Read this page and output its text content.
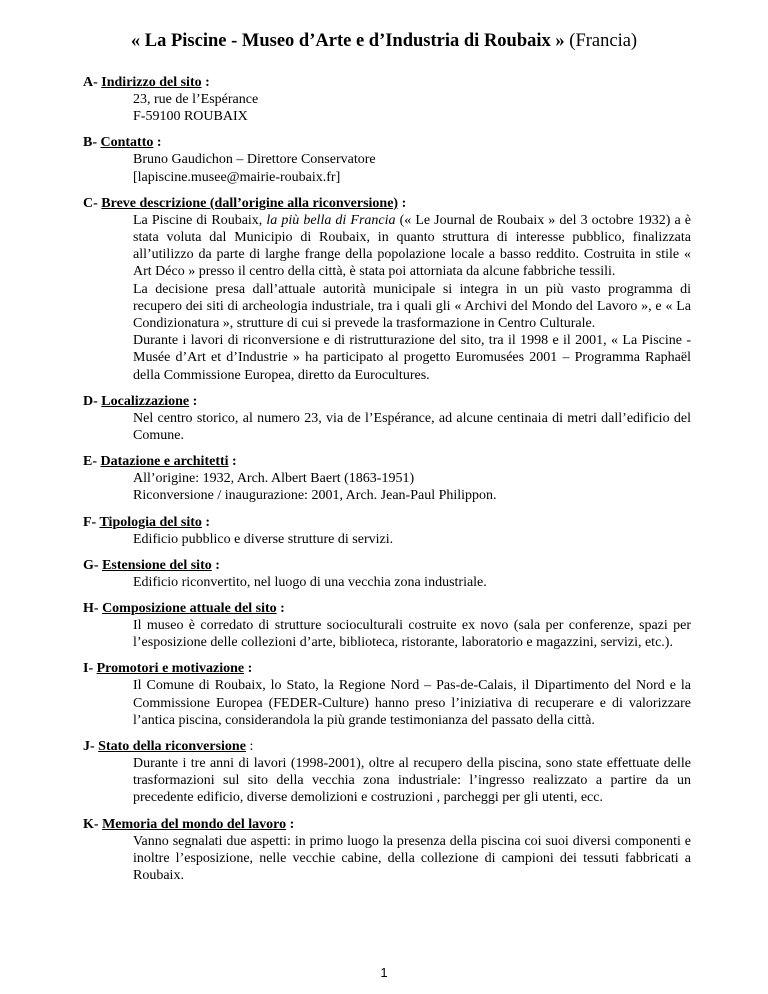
« La Piscine - Museo d’Arte e d’Industria di Roubaix » (Francia)
A- Indirizzo del sito :

23, rue de l’Espérance

F-59100 ROUBAIX

B- Contatto :

Bruno Gaudichon – Direttore Conservatore

[lapiscine.musee@mairie-roubaix.fr]

C- Breve descrizione (dall’origine alla riconversione) :

La Piscine di Roubaix, la più bella di Francia (« Le Journal de Roubaix » del 3 octobre 1932) a è stata voluta dal Municipio di Roubaix, in quanto struttura di interesse pubblico, finalizzata all’utilizzo da parte di larghe frange della popolazione locale a basso reddito. Costruita in stile « Art Déco » presso il centro della città, è stata poi attorniata da alcune fabbriche tessili.

La decisione presa dall’attuale autorità municipale si integra in un più vasto programma di recupero dei siti di archeologia industriale, tra i quali gli « Archivi del Mondo del Lavoro », e « La Condizionatura », strutture di cui si prevede la trasformazione in Centro Culturale.

Durante i lavori di riconversione e di ristrutturazione del sito, tra il 1998 e il 2001, « La Piscine - Musée d’Art et d’Industrie » ha participato al progetto Euromusées 2001 – Programma Raphaël della Commissione Europea, diretto da Eurocultures.

D- Localizzazione :

Nel centro storico, al numero 23, via de l’Espérance, ad alcune centinaia di metri dall’edificio del Comune.

E- Datazione e architetti :

All’origine: 1932, Arch. Albert Baert (1863-1951)

Riconversione / inaugurazione: 2001, Arch. Jean-Paul Philippon.

F- Tipologia del sito :

Edificio pubblico e diverse strutture di servizi.

G- Estensione del sito :

Edificio riconvertito, nel luogo di una vecchia zona industriale.

H- Composizione attuale del sito :

Il museo è corredato di strutture socioculturali costruite ex novo (sala per conferenze, spazi per l’esposizione delle collezioni d’arte, biblioteca, ristorante, laboratorio e magazzini, servizi, etc.).

I- Promotori e motivazione :

Il Comune di Roubaix, lo Stato, la Regione Nord – Pas-de-Calais, il Dipartimento del Nord e la Commissione Europea (FEDER-Culture) hanno preso l’iniziativa di recuperare e di valorizzare l’antica piscina, considerandola la più grande testimonianza del passato della città.

J- Stato della riconversione :

Durante i tre anni di lavori (1998-2001), oltre al recupero della piscina, sono state effettuate delle trasformazioni sul sito della vecchia zona industriale: l’ingresso realizzato a partire da un precedente edificio, diverse demolizioni e costruzioni , parcheggi per gli utenti, ecc.

K- Memoria del mondo del lavoro :

Vanno segnalati due aspetti: in primo luogo la presenza della piscina coi suoi diversi componenti e inoltre l’esposizione, nelle vecchie cabine, della collezione di campioni dei tessuti fabbricati a Roubaix.

1
